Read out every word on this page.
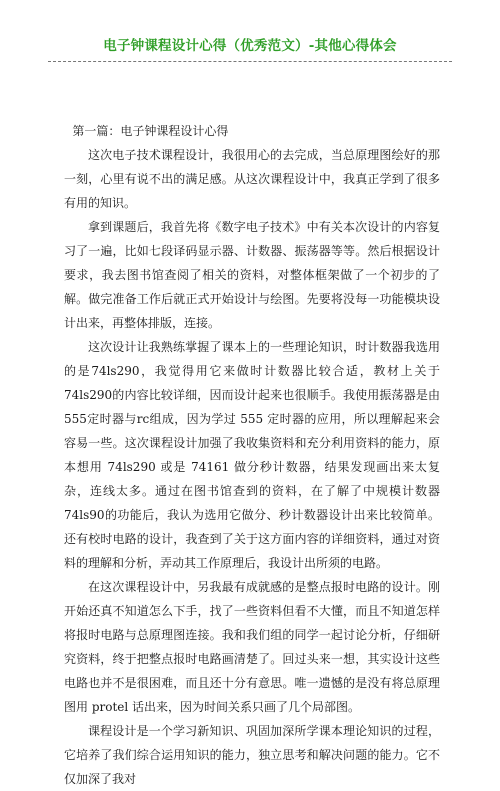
电子钟课程设计心得（优秀范文）-其他心得体会

第一篇：电子钟课程设计心得

这次电子技术课程设计，我很用心的去完成，当总原理图绘好的那一刻，心里有说不出的满足感。从这次课程设计中，我真正学到了很多有用的知识。

拿到课题后，我首先将《数字电子技术》中有关本次设计的内容复习了一遍，比如七段译码显示器、计数器、振荡器等等。然后根据设计要求，我去图书馆查阅了相关的资料，对整体框架做了一个初步的了解。做完准备工作后就正式开始设计与绘图。先要将没每一功能模块设计出来，再整体排版，连接。

这次设计让我熟练掌握了课本上的一些理论知识，时计数器我选用的是74ls290，我觉得用它来做时计数器比较合适，教材上关于74ls290的内容比较详细，因而设计起来也很顺手。我使用振荡器是由555定时器与rc组成，因为学过 555 定时器的应用，所以理解起来会容易一些。这次课程设计加强了我收集资料和充分利用资料的能力，原本想用 74ls290 或是 74161 做分秒计数器，结果发现画出来太复杂，连线太多。通过在图书馆查到的资料，在了解了中规模计数器74ls90的功能后，我认为选用它做分、秒计数器设计出来比较简单。还有校时电路的设计，我查到了关于这方面内容的详细资料，通过对资料的理解和分析，弄动其工作原理后，我设计出所须的电路。

在这次课程设计中，另我最有成就感的是整点报时电路的设计。刚开始还真不知道怎么下手，找了一些资料但看不大懂，而且不知道怎样将报时电路与总原理图连接。我和我们组的同学一起讨论分析，仔细研究资料，终于把整点报时电路画清楚了。回过头来一想，其实设计这些电路也并不是很困难，而且还十分有意思。唯一遗憾的是没有将总原理图用 protel 话出来，因为时间关系只画了几个局部图。

课程设计是一个学习新知识、巩固加深所学课本理论知识的过程，它培养了我们综合运用知识的能力，独立思考和解决问题的能力。它不仅加深了我对
